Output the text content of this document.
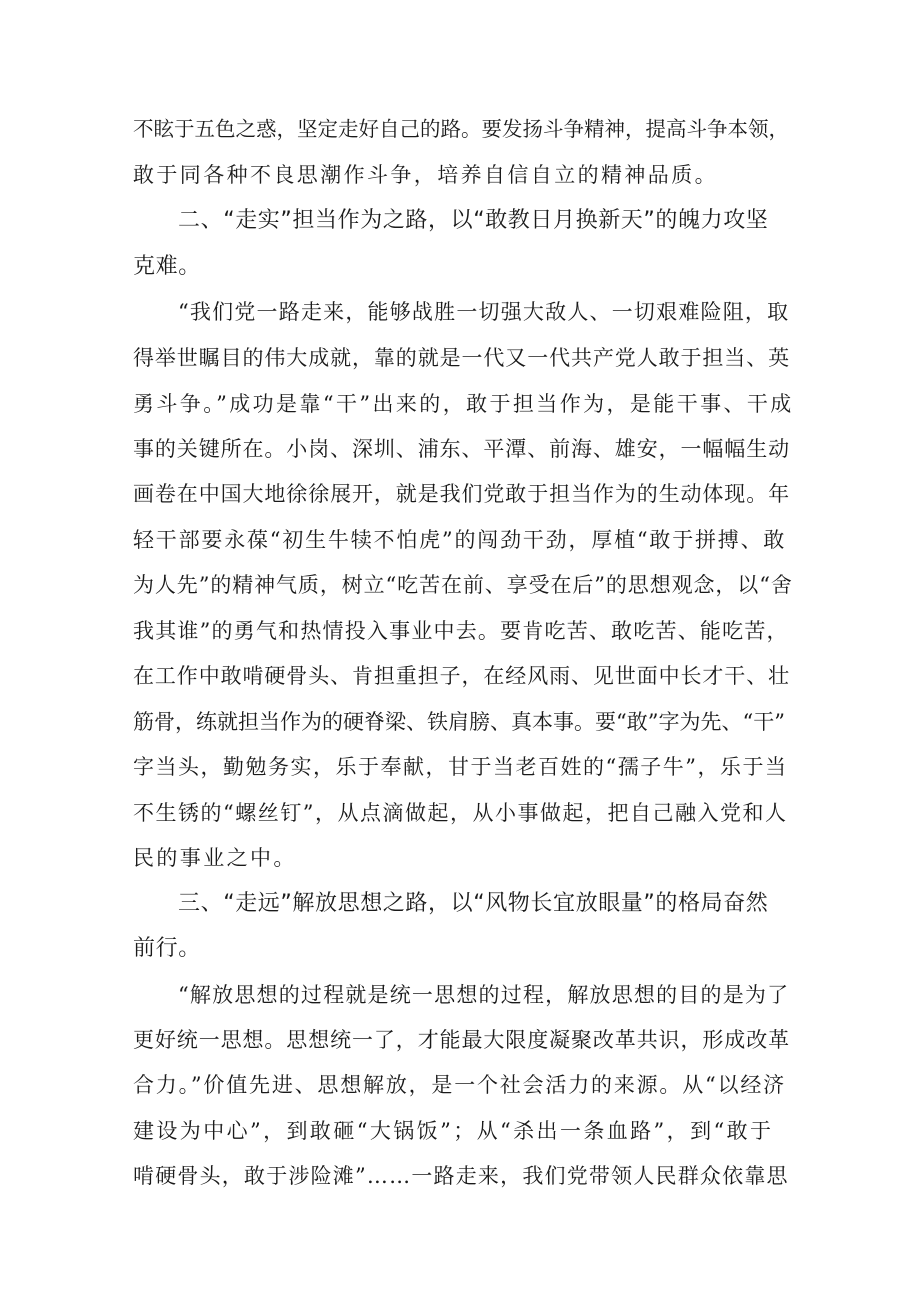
不眩于五色之惑，坚定走好自己的路。要发扬斗争精神，提高斗争本领，
敢于同各种不良思潮作斗争，培养自信自立的精神品质。
二、“走实”担当作为之路，以“敢教日月换新天”的魄力攻坚
克难。
“我们党一路走来，能够战胜一切强大敌人、一切艰难险阻，取
得举世瞩目的伟大成就，靠的就是一代又一代共产党人敢于担当、英
勇斗争。”成功是靠“干”出来的，敢于担当作为，是能干事、干成
事的关键所在。小岗、深圳、浦东、平潭、前海、雄安，一幅幅生动
画卷在中国大地徐徐展开，就是我们党敢于担当作为的生动体现。年
轻干部要永葆“初生牛犊不怕虎”的闯劲干劲，厚植“敢于拼搏、敢
为人先”的精神气质，树立“吃苦在前、享受在后”的思想观念，以“舍
我其谁”的勇气和热情投入事业中去。要肯吃苦、敢吃苦、能吃苦，
在工作中敢啃硬骨头、肯担重担子，在经风雨、见世面中长才干、壮
筋骨，练就担当作为的硬脊梁、铁肩膀、真本事。要“敢”字为先、“干”
字当头，勤勉务实，乐于奉献，甘于当老百姓的“孺子牛”，乐于当
不生锈的“螺丝钉”，从点滴做起，从小事做起，把自己融入党和人
民的事业之中。
三、“走远”解放思想之路，以“风物长宜放眼量”的格局奋然
前行。
“解放思想的过程就是统一思想的过程，解放思想的目的是为了
更好统一思想。思想统一了，才能最大限度凝聚改革共识，形成改革
合力。”价值先进、思想解放，是一个社会活力的来源。从“以经济
建设为中心”，到敢砸“大锅饭”；从“杀出一条血路”，到“敢于
啃硬骨头，敢于涉险滩”……一路走来，我们党带领人民群众依靠思
